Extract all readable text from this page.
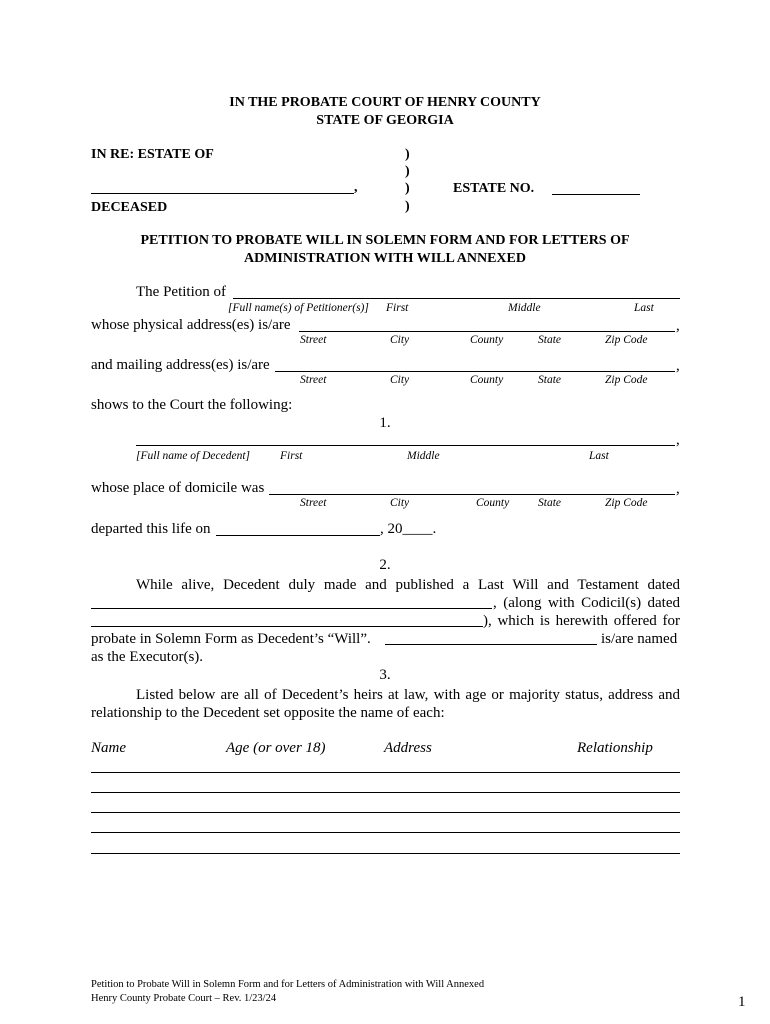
IN THE PROBATE COURT OF HENRY COUNTY
STATE OF GEORGIA
IN RE: ESTATE OF
,
DECEASED
)
)
)
)
ESTATE NO.
PETITION TO PROBATE WILL IN SOLEMN FORM AND FOR LETTERS OF
ADMINISTRATION WITH WILL ANNEXED
The Petition of
[Full name(s) of Petitioner(s)] First	Middle	Last
whose physical address(es) is/are	,
Street	City	County	State	Zip Code
and mailing address(es) is/are	,
Street	City	County	State	Zip Code
shows to the Court the following:
1.
,
[Full name of Decedent]	First	Middle	Last
whose place of domicile was	,
Street	City	County	State	Zip Code
departed this life on	, 20____.
2.
While alive, Decedent duly made and published a Last Will and Testament dated
, (along with Codicil(s) dated
), which is herewith offered for
probate in Solemn Form as Decedent’s “Will”.	is/are named
as the Executor(s).
3.
Listed below are all of Decedent’s heirs at law, with age or majority status, address and
relationship to the Decedent set opposite the name of each:
Name	Age (or over 18)	Address	Relationship
Petition to Probate Will in Solemn Form and for Letters of Administration with Will Annexed
Henry County Probate Court – Rev. 1/23/24	1
